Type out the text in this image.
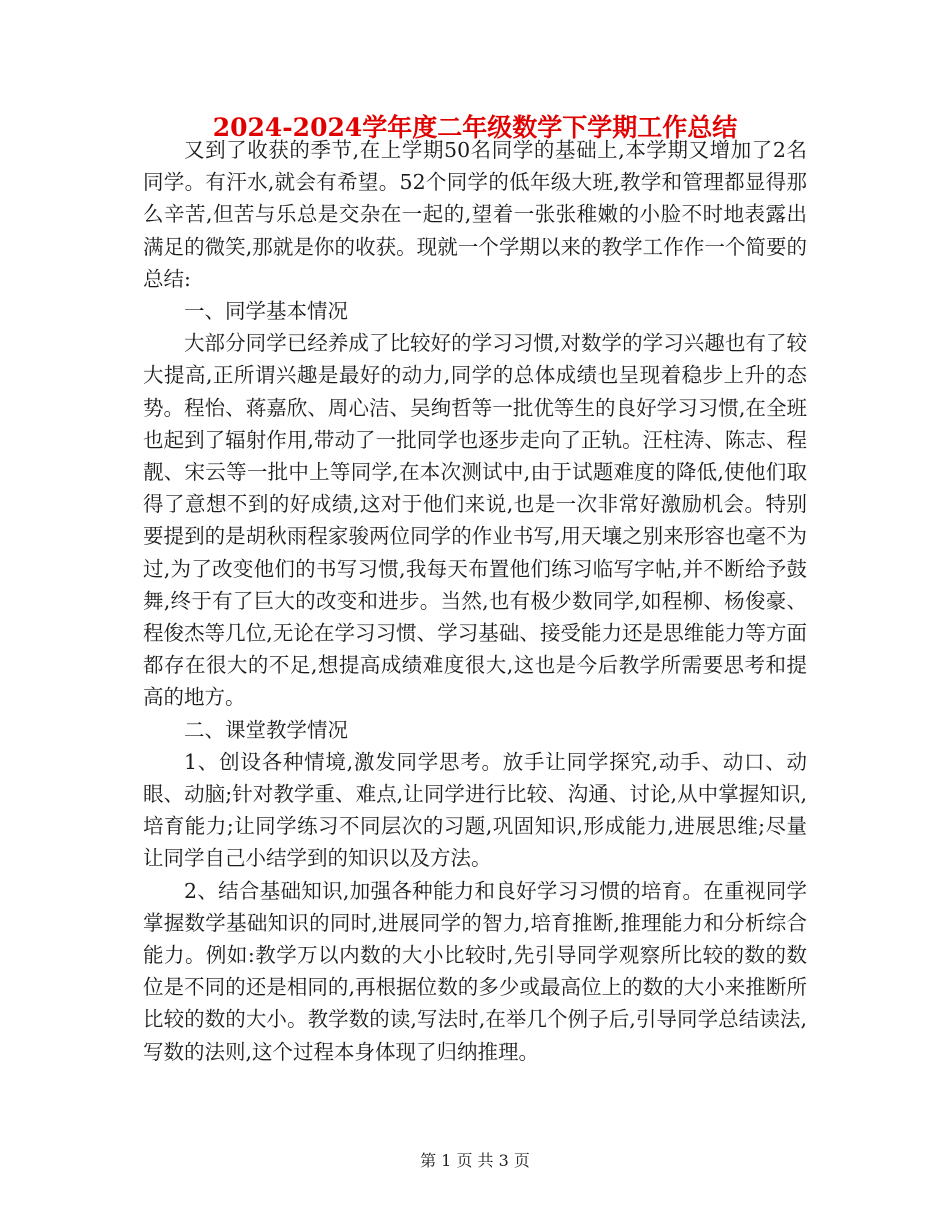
2024-2024学年度二年级数学下学期工作总结

又到了收获的季节,在上学期50名同学的基础上,本学期又增加了2名同学。有汗水,就会有希望。52个同学的低年级大班,教学和管理都显得那么辛苦,但苦与乐总是交杂在一起的,望着一张张稚嫩的小脸不时地表露出满足的微笑,那就是你的收获。现就一个学期以来的教学工作作一个简要的总结:

一、同学基本情况

大部分同学已经养成了比较好的学习习惯,对数学的学习兴趣也有了较大提高,正所谓兴趣是最好的动力,同学的总体成绩也呈现着稳步上升的态势。程怡、蒋嘉欣、周心洁、吴绚哲等一批优等生的良好学习习惯,在全班也起到了辐射作用,带动了一批同学也逐步走向了正轨。汪柱涛、陈志、程靓、宋云等一批中上等同学,在本次测试中,由于试题难度的降低,使他们取得了意想不到的好成绩,这对于他们来说,也是一次非常好激励机会。特别要提到的是胡秋雨程家骏两位同学的作业书写,用天壤之别来形容也毫不为过,为了改变他们的书写习惯,我每天布置他们练习临写字帖,并不断给予鼓舞,终于有了巨大的改变和进步。当然,也有极少数同学,如程柳、杨俊豪、程俊杰等几位,无论在学习习惯、学习基础、接受能力还是思维能力等方面都存在很大的不足,想提高成绩难度很大,这也是今后教学所需要思考和提高的地方。

二、课堂教学情况

1、创设各种情境,激发同学思考。放手让同学探究,动手、动口、动眼、动脑;针对教学重、难点,让同学进行比较、沟通、讨论,从中掌握知识,培育能力;让同学练习不同层次的习题,巩固知识,形成能力,进展思维;尽量让同学自己小结学到的知识以及方法。

2、结合基础知识,加强各种能力和良好学习习惯的培育。在重视同学掌握数学基础知识的同时,进展同学的智力,培育推断,推理能力和分析综合能力。例如:教学万以内数的大小比较时,先引导同学观察所比较的数的数位是不同的还是相同的,再根据位数的多少或最高位上的数的大小来推断所比较的数的大小。教学数的读,写法时,在举几个例子后,引导同学总结读法,写数的法则,这个过程本身体现了归纳推理。

第 1 页 共 3 页
